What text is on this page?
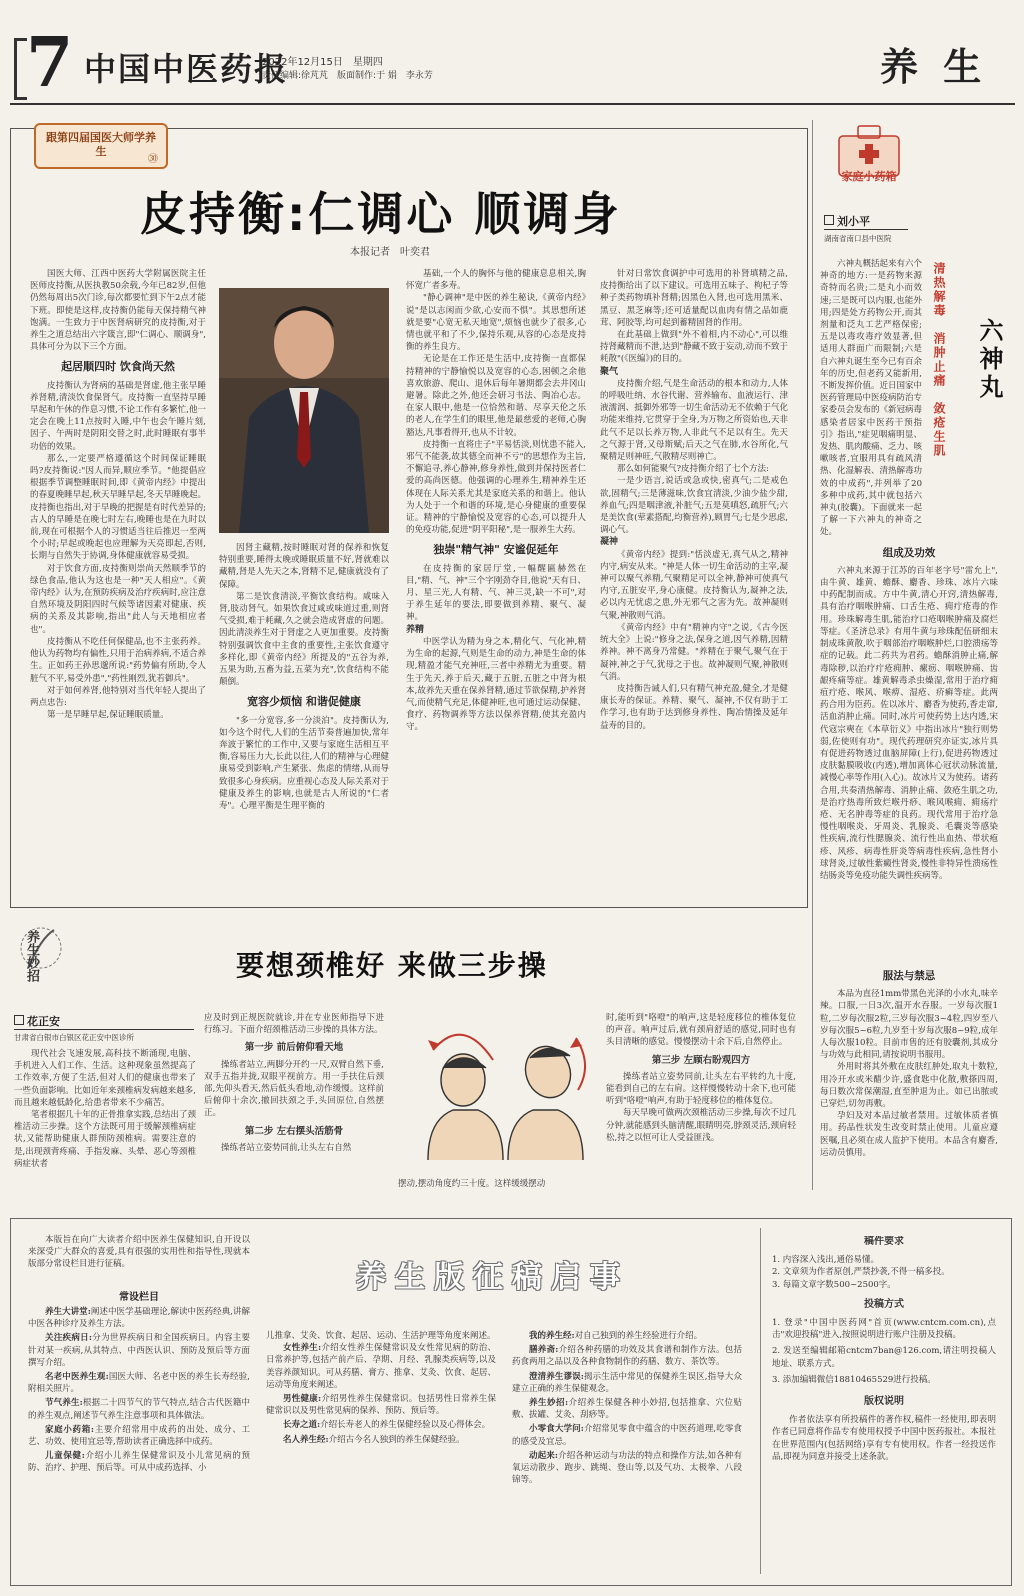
7 中国中医药报
2022年12月15日　星期四
责任编辑:徐芃芃　版面制作:于 娟　李永芳	养 生
跟第四届国医大师学养生
㉚
皮持衡:仁调心 顺调身
本报记者　叶奕君

国医大师、江西中医药大学附属医院主任医师皮持衡,从医执教50余载,今年已82岁,但他仍然每周出5次门诊,每次都要忙到下午2点才能下班。即使是这样,皮持衡仍能每天保持精气神饱满。一生致力于中医肾病研究的皮持衡,对于养生之道总结出六字箴言,即"仁调心、顺调身",具体可分为以下三个方面。

起居顺四时 饮食尚天然

皮持衡认为肾病的基础是肾虚,他主张早睡养肾精,清淡饮食保肾气。皮持衡一直坚持早睡早起和午休的作息习惯,不论工作有多繁忙,他一定会在晚上11点按时入睡,中午也会午睡片刻,因子、午两时是阴阳交替之时,此时睡眠有事半功倍的效果。

那么,一定要严格遵循这个时间保证睡眠吗?皮持衡说:"因人而异,顺应季节。"他提倡应根据季节调整睡眠时间,即《黄帝内经》中提出的春夏晚睡早起,秋天早睡早起,冬天早睡晚起。皮持衡也指出,对于早晚的把握是有时代差异的;古人的早睡是在晚七时左右,晚睡也是在九时以前,现在可根据个人的习惯适当往后推迟一至两个小时;早起或晚起也应理解为天亮即起,否则,长期与自然失于协调,身体健康就容易受损。

对于饮食方面,皮持衡则崇尚天然顺季节的绿色食品,他认为这也是一种"天人相应"。《黄帝内经》认为,在预防疾病及治疗疾病时,应注意自然环境及阴阳四时气候等诸因素对健康、疾病的关系及其影响,指出"此人与天地相应者也"。

皮持衡从不吃任何保健品,也不主张药养。他认为药物均有偏性,只用于治病养病,不适合养生。正如药王孙思邈所说:"药势偏有所助,令人脏气不平,易受外患","药性刚烈,犹若御兵"。

对于如何养肾,他特别对当代年轻人提出了两点忠告:

第一是早睡早起,保证睡眠质量。

因肾主藏精,按时睡眠对肾的保养和恢复特别重要,睡得太晚或睡眠质量不好,肾就难以藏精,肾是人先天之本,肾精不足,健康就没有了保障。

第二是饮食清淡,平衡饮食结构。咸味入肾,肢动肾气。如果饮食过咸或味道过重,则肾气受损,难于耗藏,久之就会造成肾虚的问题。因此清淡养生对于肾虚之人更加重要。皮持衡特别强调饮食中主食的重要性,主张饮食遵守多样化,即《黄帝内经》所提及的"五谷为养,五果为助,五畜为益,五菜为充",饮食结构不能颠倒。

宽容少烦恼 和谐促健康

"多一分宽容,多一分淡泊"。皮持衡认为,如今这个时代,人们的生活节奏普遍加快,常年奔波于繁忙的工作中,又要与家庭生活相互平衡,容易压力大,长此以往,人们的精神与心理健康易受到影响,产生紧张、焦虑的情绪,从而导致很多心身疾病。应重视心态及人际关系对于健康及养生的影响,也就是古人所说的"仁者寿"。心理平衡是生理平衡的

基础,一个人的胸怀与他的健康息息相关,胸怀宽广者多寿。

"静心调神"是中医的养生秘诀,《黄帝内经》说"是以志闲而少欲,心安而不惧"。其思想所述就是要"心宽无私天地宽",烦恼也就少了很多,心情也就平和了不少,保持乐观,从容的心态是皮持衡的养生良方。

无论是在工作还是生活中,皮持衡一直都保持精神的宁静愉悦以及宽容的心态,困顿之余他喜欢旅游、爬山、退休后每年暑期都会去井冈山避暑。除此之外,他还会研习书法、陶冶心志。在家人眼中,他是一位恰然和谐、尽享天伦之乐的老人,在学生们的眼里,他是最慈爱的老师,心胸豁达,凡事看得开,也从不计较。

皮持衡一直将庄子"平易恬淡,则忧患不能入,邪气不能袭,故其德全而神不亏"的思想作为主旨,不懈追寻,养心静神,修身养性,做到并保持医者仁爱的高尚医德。他强调的心理养生,精神养生还体现在人际关系尤其是家庭关系的和谐上。他认为人处于一个和谐的环境,是心身健康的重要保证。精神的宁静愉悦及宽容的心态,可以提升人的免疫功能,促进"阴平阳秘",是一服养生大药。

独崇"精气神" 安谧促延年

在皮持衡的家居厅堂,一幅醒匾赫然在目,"精、气、神"三个字刚劲夺目,他说"天有日、月、星三光,人有精、气、神三灵,缺一不可",对于养生延年的要法,即要做到养精、聚气、凝神。

养精

中医学认为精为身之本,精化气、气化神,精为生命的起源,气则是生命的动力,神是生命的体现,精盈才能气充神旺,三者中养精尤为重要。精生于先天,养于后天,藏于五脏,五脏之中肾为根本,故养先天重在保养肾精,通过节欲保精,护养肾气,而使精气充足,体健神旺,也可通过运动保健、食疗、药物调养等方法以保养肾精,使其充盈内守。

针对日常饮食调护中可选用的补肾填精之品,皮持衡给出了以下建议。可选用五味子、枸杞子等种子类药物填补肾精;因黑色入肾,也可选用黑米、黑豆、黑芝麻等;还可适量配以血肉有情之品如鹿茸、阿胶等,均可起到蓄精固肾的作用。

在此基础上做到"外不着相,内不动心",可以维持肾藏精而不泄,达到"静藏不致于妄动,动而不致于耗散"(《医编》)的目的。

聚气

皮持衡介绍,气是生命活动的根本和动力,人体的呼吸吐纳、水谷代谢、营养输布、血液运行、津液濡润、抵御外邪等一切生命活动无不依赖于气化功能来维持,它贯穿于全身,为万物之所资始也,天非此气不足以长养万物,人非此气不足以有生。先天之气源于肾,又母斯赋;后天之气在肺,水谷所化,气聚精足则神旺,气散精尽则神亡。

那么如何能聚气?皮持衡介绍了七个方法:

一是少语言,说话或急或快,密真气;二是戒色欲,固精气;三是薄滋味,饮食宜清淡,少油少盐少甜,养血气;四是咽津液,补脏气;五是莫嗔怒,疏肝气;六是美饮食(荤素搭配,均衡营养),顾胃气;七是少思虑,调心气。

凝神

《黄帝内经》提到:"恬淡虚无,真气从之,精神内守,病安从来。"神是人体一切生命活动的主宰,凝神可以聚气养精,气聚精足可以全神,静神可使真气内守,五脏安平,身心康健。皮持衡认为,凝神之法,必以内无忧虑之患,外无邪气之害为先。故神凝则气聚,神散则气消。

《黄帝内经》中有"精神内守"之说,《古今医统大全》上说:"修身之法,保身之道,因气养精,因精养神。神不离身乃常健。"养精在于聚气,聚气在于凝神,神之于气,犹母之于也。故神凝则气聚,神散则气消。

皮持衡告诫人们,只有精气神充盈,健全,才是健康长寿的保证。养精、聚气、凝神,不仅有助于工作学习,也有助于达到修身养性、陶冶情操及延年益寿的目的。

家庭小药箱
刘小平
湖南省南口县中医院
清热解毒　消肿止痛　敛疮生肌 六神丸

六神丸概括起来有六个神奇的地方:一是药物来源奇特而名贵;二是丸小而效速;三是既可以内服,也能外用;四是处方药物公开,而其剂量和泛丸工艺严格保密;五是以毒攻毒疗效显著,但适用人群面广而限制;六是自六神丸诞生至今已有百余年的历史,但老药又能新用,不断发挥价值。近日国家中医药管理局中医疫病防治专家委员会发布的《新冠病毒感染者居家中医药干预指引》指出,"症见咽痛明显、发热、肌肉酸痛、乏力、咳嗽咳者,宜服用具有疏风清热、化湿解表、清热解毒功效的中成药",并列举了20多种中成药,其中就包括六神丸(胶囊)。下面就来一起了解一下六神丸的神奇之处。

组成及功效

六神丸来源于江苏的百年老字号"雷允上",由牛黄、雄黄、蟾酥、麝香、珍珠、冰片六味中药配制而成。方中牛黄,清心开窍,清热解毒,具有治疗咽喉肿痛、口舌生疮、痈疔疮毒的作用。珍珠解毒生肌,能治疗口疮咽喉肿痛及腐烂等症。《圣济总录》有用牛黄与珍珠配伍研细末制成珠黄散,吹于咽部治疗咽喉肿烂,口腔溃疡等症的记载。此二药共为君药。蟾酥消肿止痛,解毒除秽,以治疗疔疮痈肿、瘰疬、咽喉肿痛、齿龈疼痛等症。雄黄解毒杀虫燥湿,常用于治疗痈疽疔疮、喉风、喉痹、湿疮、疥癣等症。此两药合用为臣药。佐以冰片、麝香为使药,香走窜,活血消肿止痛。同时,冰片可使药势上达内透,宋代寇宗奭在《本草衍义》中指出冰片"独行则势弱,佐使则有功"。现代药理研究亦证实,冰片具有促进药物透过血脑屏障(上行),促进药物透过皮肤黏膜吸收(内透),增加离体心冠状动脉流量,减慢心率等作用(入心)。故冰片又为使药。诸药合用,共奏清热解毒、消肿止痛、敛疮生肌之功,是治疗热毒所致烂喉丹痧、喉风喉痈、痈疡疔疮、无名肿毒等症的良药。现代常用于治疗急慢性咽喉炎、牙周炎、乳腺炎、毛囊炎等感染性疾病,流行性腮腺炎、流行性出血热、带状疱疹、风疹、病毒性肝炎等病毒性疾病,急性肾小球肾炎,过敏性紫癜性肾炎,慢性非特异性溃疡性结肠炎等免疫功能失调性疾病等。

服法与禁忌

本品为直径1mm带黑色光泽的小水丸,味辛辣。口服,一日3次,温开水吞服。一岁每次服1粒,二岁每次服2粒,三岁每次服3~4粒,四岁至八岁每次服5~6粒,九岁至十岁每次服8~9粒,成年人每次服10粒。目前市售的还有胶囊剂,其成分与功效与此相同,请按说明书服用。

外用时将其外敷在皮肤红肿处,取丸十数粒,用冷开水或米醋少许,盛食匙中化散,敷搽四周,每日数次常保潮湿,直至肿退为止。如已出脓或已穿烂,切勿再敷。

孕妇及对本品过敏者禁用。过敏体质者慎用。药品性状发生改变时禁止使用。儿童应遵医嘱,且必须在成人监护下使用。本品含有麝香,运动员慎用。

养生妙招	要想颈椎好 来做三步操
花正安
甘肃省白银市白银区花正安中医诊所

现代社会飞速发展,高科技不断涌现,电脑、手机进入人们工作、生活。这种现象虽然提高了工作效率,方便了生活,但对人们的健康也带来了一些负面影响。比如近年来颈椎病发病越来越多,而且越来越低龄化,给患者带来不少痛苦。

笔者根据几十年的正骨推拿实践,总结出了颈椎活动三步操。这个方法既可用于缓解颈椎病症状,又能帮助健康人群预防颈椎病。需要注意的是,出现颈背疼痛、手指发麻、头晕、恶心等颈椎病症状者

应及时到正规医院就诊,并在专业医师指导下进行练习。下面介绍颈椎活动三步操的具体方法。

第一步 前后俯仰看天地

操练者站立,两脚分开约一尺,双臂自然下垂,双手五指并拢,双眼平视前方。用一手扶住后颈部,先仰头看天,然后低头看地,动作缓慢。这样前后俯仰十余次,撤回扶颈之手,头回原位,自然摆正。

第二步 左右摆头活筋骨

操练者站立姿势同前,让头左右自然

摆动,摆动角度约三十度。这样缓缓摆动

时,能听到"咯噔"的响声,这是轻度移位的椎体复位的声音。响声过后,就有颈肩舒适的感觉,同时也有头目清晰的感觉。慢慢摆动十余下后,自然停止。

第三步 左顾右盼观四方

操练者站立姿势同前,让头左右平转约九十度,能看到自己的左右肩。这样慢慢转动十余下,也可能听到"咯噔"响声,有助于轻度移位的椎体复位。

每天早晚可做两次颈椎活动三步操,每次不过几分钟,就能感到头脑清醒,眼睛明亮,脖颈灵活,颈肩轻松,持之以恒可让人受益匪浅。

养生版征稿启事

本版旨在向广大读者介绍中医养生保健知识,自开设以来深受广大群众的喜爱,具有很强的实用性和指导性,现就本版部分常设栏目进行征稿。

常设栏目

养生大讲堂:阐述中医学基础理论,解读中医药经典,讲解中医各种诊疗及养生方法。

关注疾病日:分为世界疾病日和全国疾病日。内容主要针对某一疾病,从其特点、中西医认识、预防及预后等方面撰写介绍。

名老中医养生观:国医大师、名老中医的养生长寿经验,附相关照片。

节气养生:根据二十四节气的节气特点,结合古代医籍中的养生观点,阐述节气养生注意事项和具体做法。

家庭小药箱:主要介绍常用中成药的出处、成分、工艺、功效、使用宜忌等,帮助读者正确选择中成药。

儿童保健:介绍小儿养生保健常识及小儿常见病的预防、治疗、护理、预后等。可从中成药选择、小

儿推拿、艾灸、饮食、起居、运动、生活护理等角度来阐述。

女性养生:介绍女性养生保健常识及女性常见病的防治、日常养护等,包括产前产后、孕期、月经、乳腺类疾病等,以及美容养颜知识。可从药膳、膏方、推拿、艾灸、饮食、起居、运动等角度来阐述。

男性健康:介绍男性养生保健常识。包括男性日常养生保健常识以及男性常见病的保养、预防、预后等。

长寿之道:介绍长寿老人的养生保健经验以及心得体会。

名人养生经:介绍古今名人独到的养生保健经验。

我的养生经:对自己独到的养生经验进行介绍。

膳养斋:介绍各种药膳的功效及其食谱和制作方法。包括药食两用之品以及各种食物制作的药膳、数方、茶饮等。

澄清养生谬误:揭示生活中常见的保健养生误区,指导大众建立正确的养生保健观念。

养生妙招:介绍养生保健各种小妙招,包括推拿、穴位贴敷、拔罐、艾灸、刮痧等。

小零食大学问:介绍常见零食中蕴含的中医药道理,吃零食的感受及宜忌。

动起来:介绍各种运动与功法的特点和操作方法,如各种有氧运动散步、跑步、跳绳、登山等,以及气功、太极拳、八段锦等。

稿件要求
1. 内容深入浅出,通俗易懂。
2. 文章须为作者原创,严禁抄袭,不得一稿多投。
3. 每篇文章字数500~2500字。
投稿方式
1. 登录"中国中医药网"首页(www.cntcm.com.cn),点击"欢迎投稿"进入,按照说明进行账户注册及投稿。
2. 发送至编辑邮箱cntcm7ban@126.com,请注明投稿人地址、联系方式。
3. 添加编辑微信18810465529进行投稿。
版权说明

作者依法享有所投稿件的著作权,稿件一经使用,即表明作者已同意将作品专有使用权授予中国中医药报社。本报社在世界范围内(包括网络)享有专有使用权。作者一经投送作品,即视为同意并接受上述条款。
